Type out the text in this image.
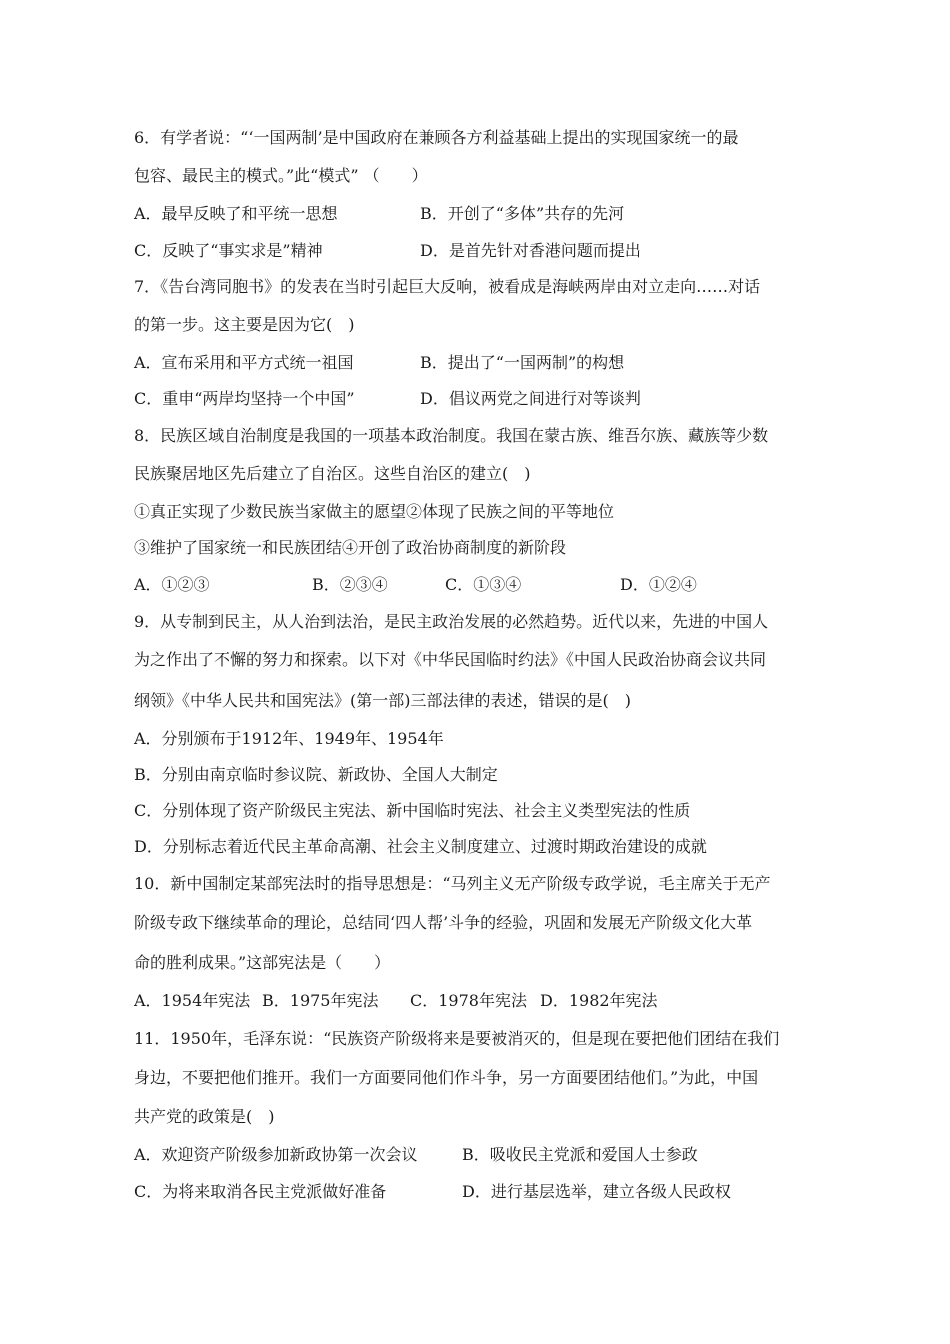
6．有学者说：“‘一国两制’是中国政府在兼顾各方利益基础上提出的实现国家统一的最
包容、最民主的模式。”此“模式” （　　）
A．最早反映了和平统一思想	B．开创了“多体”共存的先河
C．反映了“事实求是”精神	D．是首先针对香港问题而提出
7．《告台湾同胞书》的发表在当时引起巨大反响，被看成是海峡两岸由对立走向……对话
的第一步。这主要是因为它(　)
A．宣布采用和平方式统一祖国	B．提出了“一国两制”的构想
C．重申“两岸均坚持一个中国”	D．倡议两党之间进行对等谈判
8．民族区域自治制度是我国的一项基本政治制度。我国在蒙古族、维吾尔族、藏族等少数
民族聚居地区先后建立了自治区。这些自治区的建立(　)
①真正实现了少数民族当家做主的愿望②体现了民族之间的平等地位
③维护了国家统一和民族团结④开创了政治协商制度的新阶段
A．①②③	B．②③④	C．①③④	D．①②④
9．从专制到民主，从人治到法治，是民主政治发展的必然趋势。近代以来，先进的中国人
为之作出了不懈的努力和探索。以下对《中华民国临时约法》《中国人民政治协商会议共同
纲领》《中华人民共和国宪法》(第一部)三部法律的表述，错误的是(　)
A．分别颁布于1912年、1949年、1954年
B．分别由南京临时参议院、新政协、全国人大制定
C．分别体现了资产阶级民主宪法、新中国临时宪法、社会主义类型宪法的性质
D．分别标志着近代民主革命高潮、社会主义制度建立、过渡时期政治建设的成就
10．新中国制定某部宪法时的指导思想是：“马列主义无产阶级专政学说，毛主席关于无产
阶级专政下继续革命的理论，总结同‘四人帮’斗争的经验，巩固和发展无产阶级文化大革
命的胜利成果。”这部宪法是（　　）
A．1954年宪法 B．1975年宪法 C．1978年宪法 D．1982年宪法
11．1950年，毛泽东说：“民族资产阶级将来是要被消灭的，但是现在要把他们团结在我们
身边，不要把他们推开。我们一方面要同他们作斗争，另一方面要团结他们。”为此，中国
共产党的政策是(　)
A．欢迎资产阶级参加新政协第一次会议	B．吸收民主党派和爱国人士参政
C．为将来取消各民主党派做好准备	D．进行基层选举，建立各级人民政权
